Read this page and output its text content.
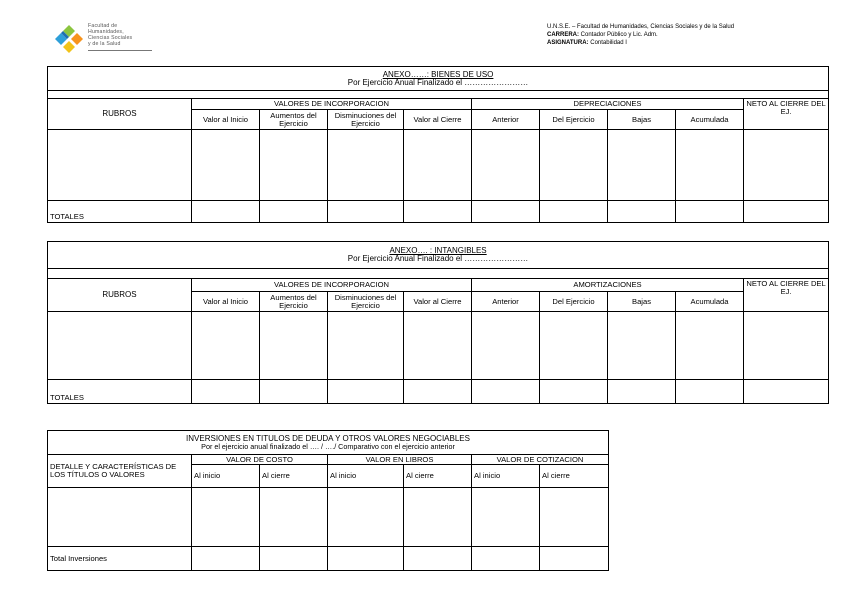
Facultad de
Humanidades,
Ciencias Sociales
y de la Salud
U.N.S.E. – Facultad de Humanidades, Ciencias Sociales y de la Salud
CARRERA: Contador Público y Lic. Adm.
ASIGNATURA: Contabilidad I
ANEXO……: BIENES DE USO
Por Ejercicio Anual Finalizado el ……………………									

RUBROS	VALORES DE INCORPORACION				DEPRECIACIONES				NETO AL CIERRE DEL EJ.
	Valor al Inicio	Aumentos del Ejercicio	Disminuciones del Ejercicio	Valor al Cierre	Anterior	Del Ejercicio	Bajas	Acumulada	

TOTALES									
ANEXO…. : INTANGIBLES
Por Ejercicio Anual Finalizado el ……………………									

RUBROS	VALORES DE INCORPORACION				AMORTIZACIONES				NETO AL CIERRE DEL EJ.
	Valor al Inicio	Aumentos del Ejercicio	Disminuciones del Ejercicio	Valor al Cierre	Anterior	Del Ejercicio	Bajas	Acumulada	

TOTALES									
INVERSIONES EN TITULOS DE DEUDA Y OTROS VALORES NEGOCIABLES
Por el ejercicio anual finalizado el …. / …./ Comparativo con el ejercicio anterior						

DETALLE Y CARACTERÍSTICAS DE LOS TÍTULOS O VALORES	VALOR DE COSTO		VALOR EN LIBROS		VALOR DE COTIZACION	
	Al inicio	Al cierre	Al inicio	Al cierre	Al inicio	Al cierre

Total Inversiones						
